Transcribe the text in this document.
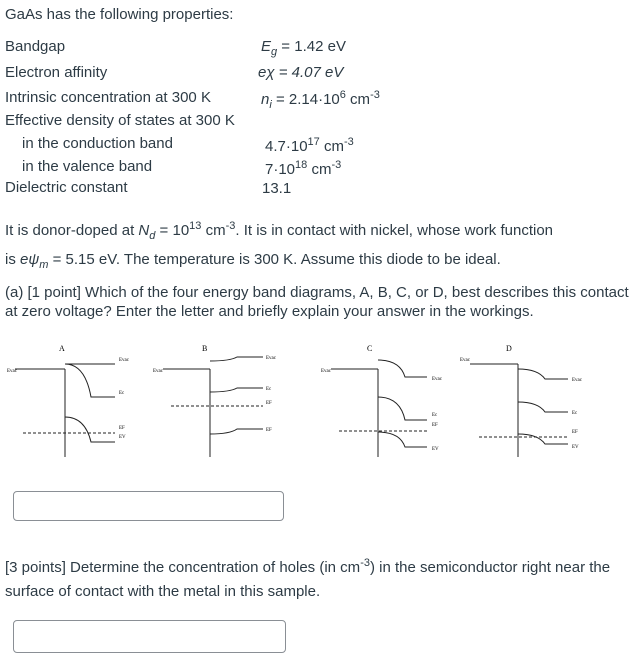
GaAs has the following properties:
Bandgap	$E_g = 1.42$ eV
Electron affinity	eχ = 4.07 eV
Intrinsic concentration at 300 K	$n_i = 2.14\cdot 10^6$ $cm^{-3}$
Effective density of states at 300 K
in the conduction band	$4.7\cdot 10^{17}$ $cm^{-3}$
in the valence band	$7\cdot 10^{18}$ $cm^{-3}$
Dielectric constant	13.1
It is donor-doped at $N_d = 10^{13}$ $cm^{-3}$. It is in contact with nickel, whose work function
is $e\psi_m = 5.15$ eV. The temperature is 300 K. Assume this diode to be ideal.
(a) [1 point] Which of the four energy band diagrams, A, B, C, or D, best describes this contact at zero voltage? Enter the letter and briefly explain your answer in the workings.
A
Evac
Evac
Ec
EV
EF
B
Evac
Evac
Ec
EF
EF
C
Evac
Evac
Ec
EF
EV
D
Evac
Evac
Ec
EF
EV
[3 points] Determine the concentration of holes (in $cm^{-3}$) in the semiconductor right near the surface of contact with the metal in this sample.
